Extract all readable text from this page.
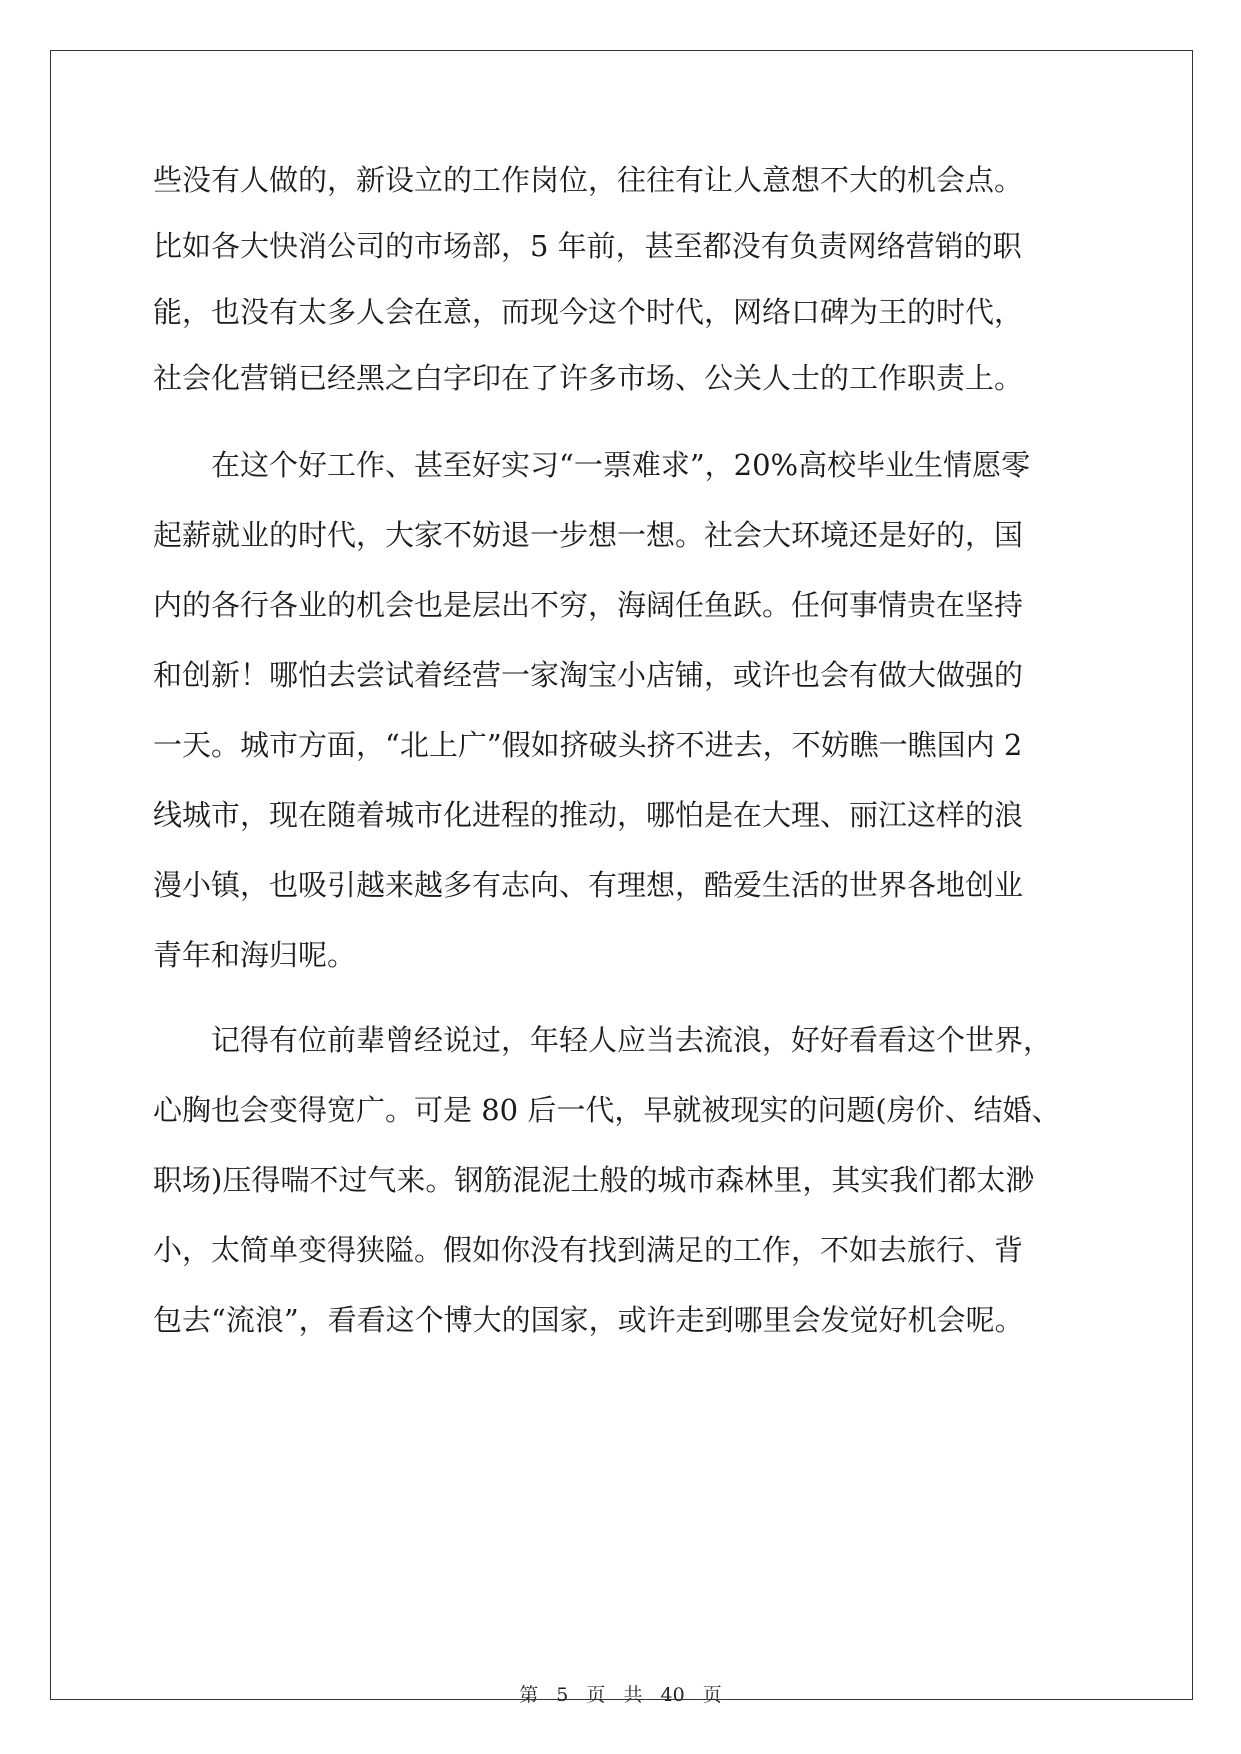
些没有人做的，新设立的工作岗位，往往有让人意想不大的机会点。
比如各大快消公司的市场部，5 年前，甚至都没有负责网络营销的职
能，也没有太多人会在意，而现今这个时代，网络口碑为王的时代，
社会化营销已经黑之白字印在了许多市场、公关人士的工作职责上。
在这个好工作、甚至好实习“一票难求”，20%高校毕业生情愿零
起薪就业的时代，大家不妨退一步想一想。社会大环境还是好的，国
内的各行各业的机会也是层出不穷，海阔任鱼跃。任何事情贵在坚持
和创新！哪怕去尝试着经营一家淘宝小店铺，或许也会有做大做强的
一天。城市方面，“北上广”假如挤破头挤不进去，不妨瞧一瞧国内 2
线城市，现在随着城市化进程的推动，哪怕是在大理、丽江这样的浪
漫小镇，也吸引越来越多有志向、有理想，酷爱生活的世界各地创业
青年和海归呢。
记得有位前辈曾经说过，年轻人应当去流浪，好好看看这个世界，
心胸也会变得宽广。可是 80 后一代，早就被现实的问题(房价、结婚、
职场)压得喘不过气来。钢筋混泥土般的城市森林里，其实我们都太渺
小，太简单变得狭隘。假如你没有找到满足的工作，不如去旅行、背
包去“流浪”，看看这个博大的国家，或许走到哪里会发觉好机会呢。
第 5 页 共 40 页
